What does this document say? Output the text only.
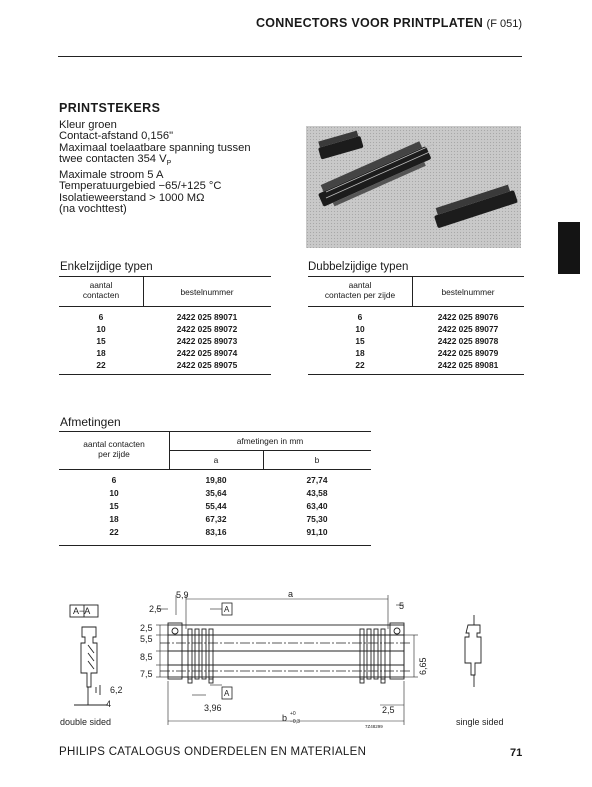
CONNECTORS VOOR PRINTPLATEN (F 051)
PRINTSTEKERS
Kleur groen
Contact-afstand 0,156"
Maximaal toelaatbare spanning tussen
twee contacten 354 $V_P$
Maximale stroom 5 A
Temperatuurgebied −65/+125 °C
Isolatieweerstand > 1000 MΩ
(na vochttest)
Enkelzijdige typen
aantal
contacten	bestelnummer
6	2422 025 89071
10	2422 025 89072
15	2422 025 89073
18	2422 025 89074
22	2422 025 89075
Dubbelzijdige typen
aantal
contacten per zijde	bestelnummer
6	2422 025 89076
10	2422 025 89077
15	2422 025 89078
18	2422 025 89079
22	2422 025 89081
Afmetingen
aantal contacten
per zijde
afmetingen in mm
a	b
6	19,80	27,74
10	35,64	43,58
15	55,44	63,40
18	67,32	75,30
22	83,16	91,10
A−A	A
A
a
5,9
5
2,5
2,5
5,5
8,5
7,5	6,65
3,96	2,5
b +0
−0,3
6,2
4
7Z48299
double sided	single sided
PHILIPS CATALOGUS ONDERDELEN EN MATERIALEN	71
